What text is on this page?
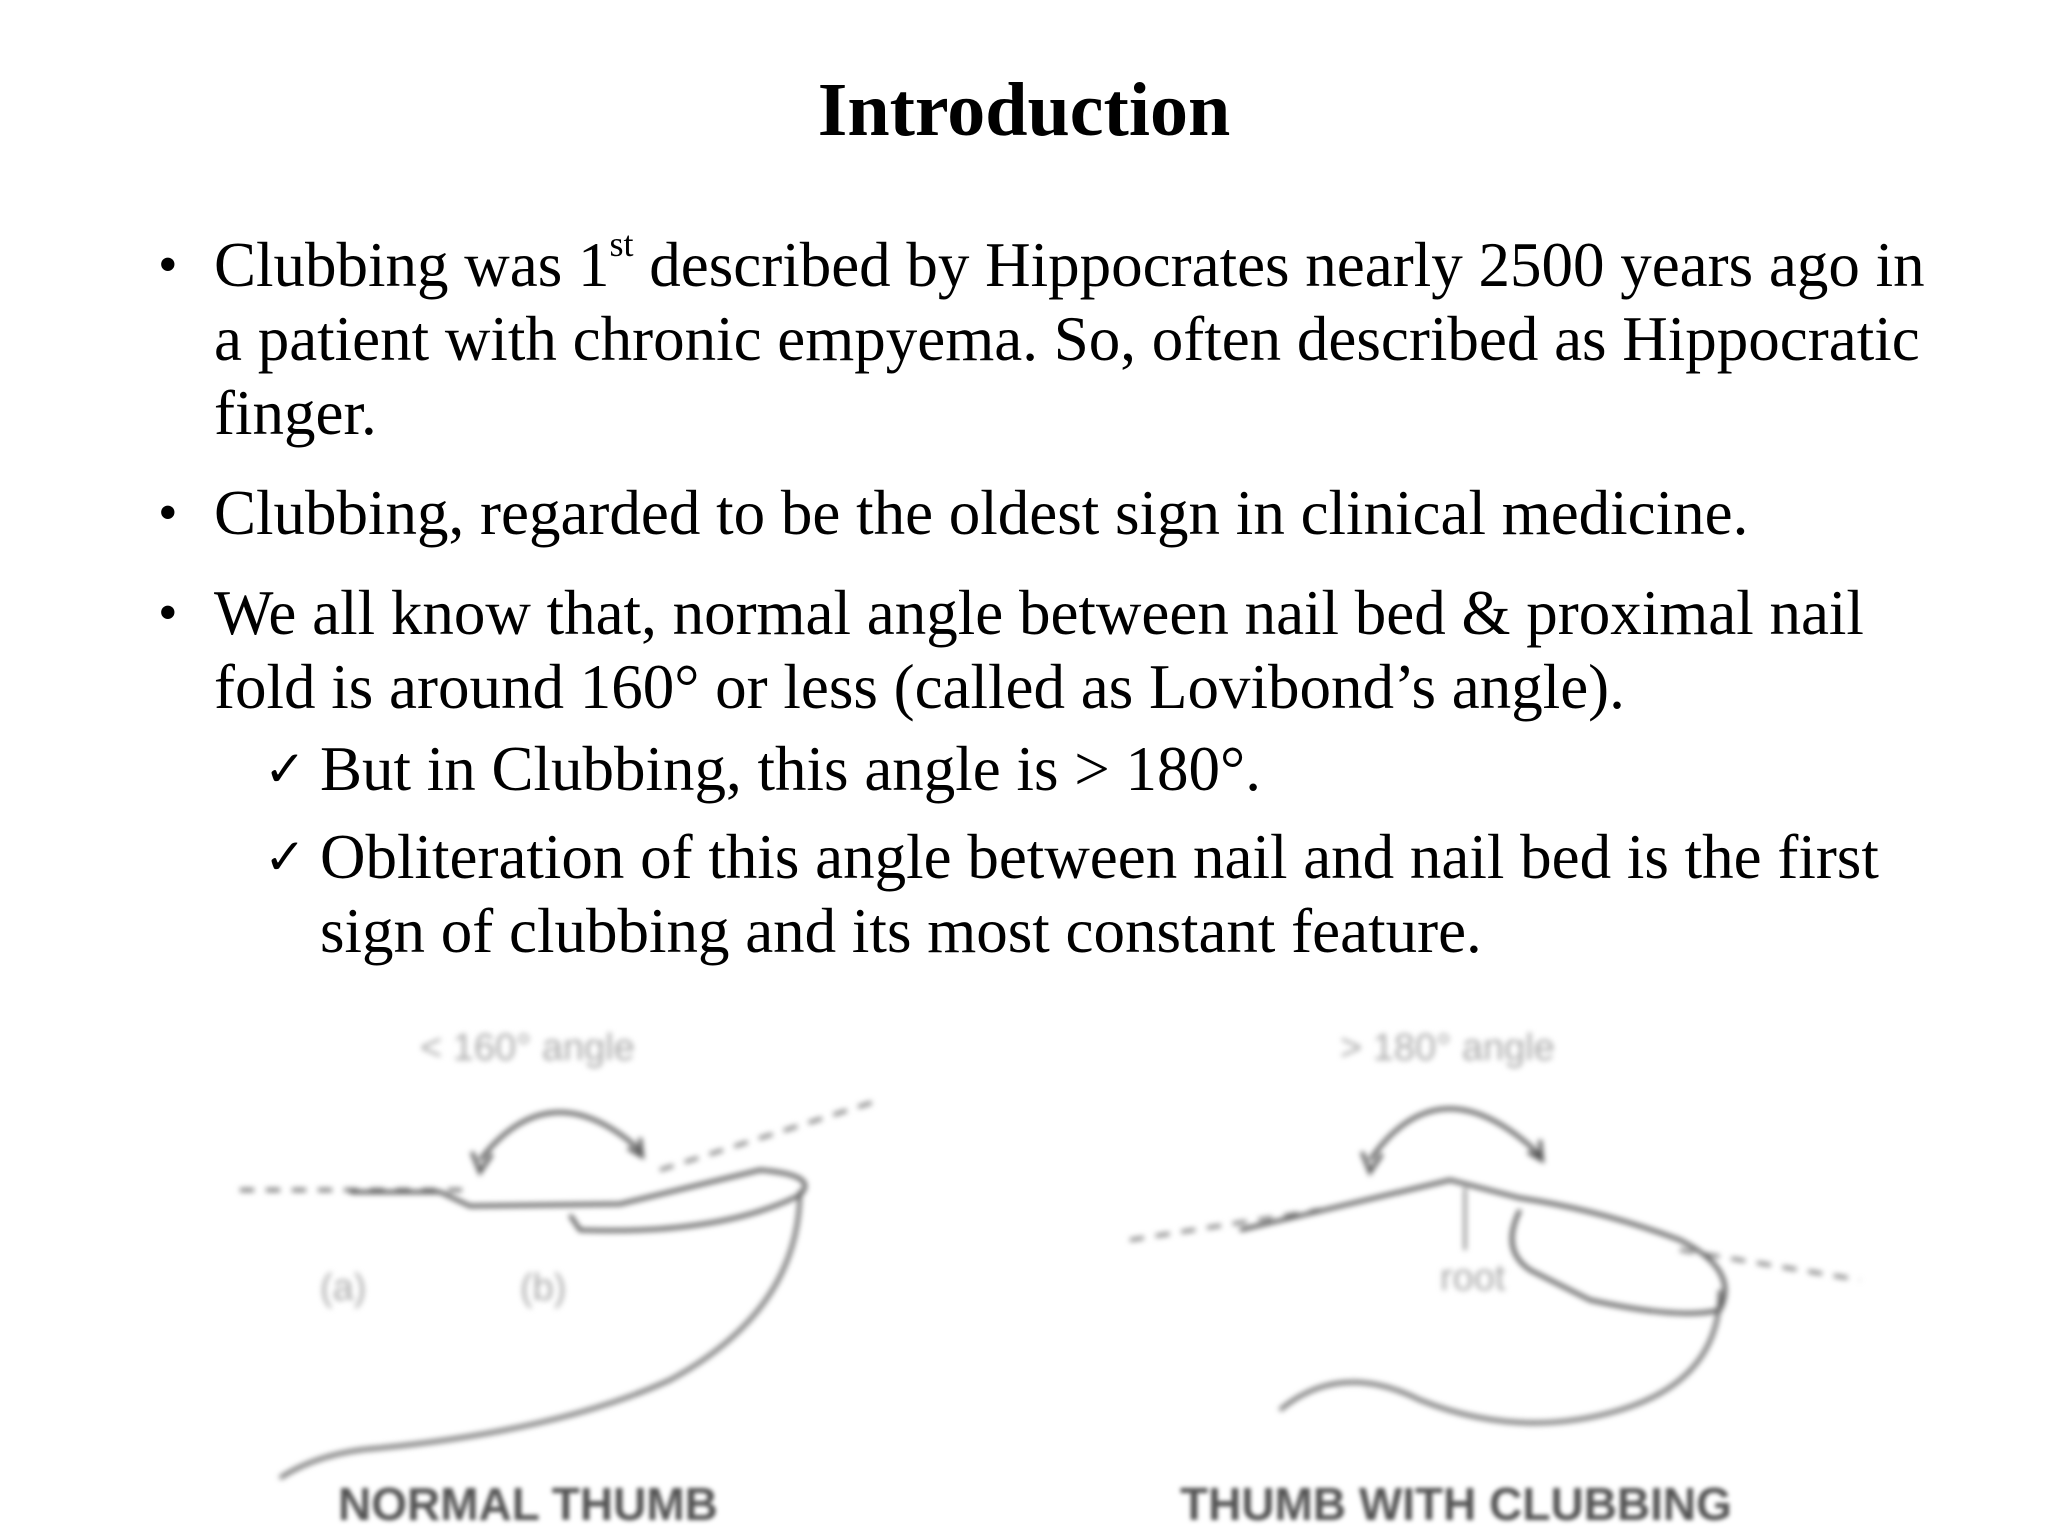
Introduction
• Clubbing was 1st described by Hippocrates nearly 2500 years ago in a patient with chronic empyema. So, often described as Hippocratic finger.
• Clubbing, regarded to be the oldest sign in clinical medicine.
• We all know that, normal angle between nail bed & proximal nail fold is around 160° or less (called as Lovibond’s angle).
✓ But in Clubbing, this angle is > 180°.
✓ Obliteration of this angle between nail and nail bed is the first sign of clubbing and its most constant feature.
< 160° angle
(a)	(b)
NORMAL THUMB
> 180° angle
root
THUMB WITH CLUBBING
